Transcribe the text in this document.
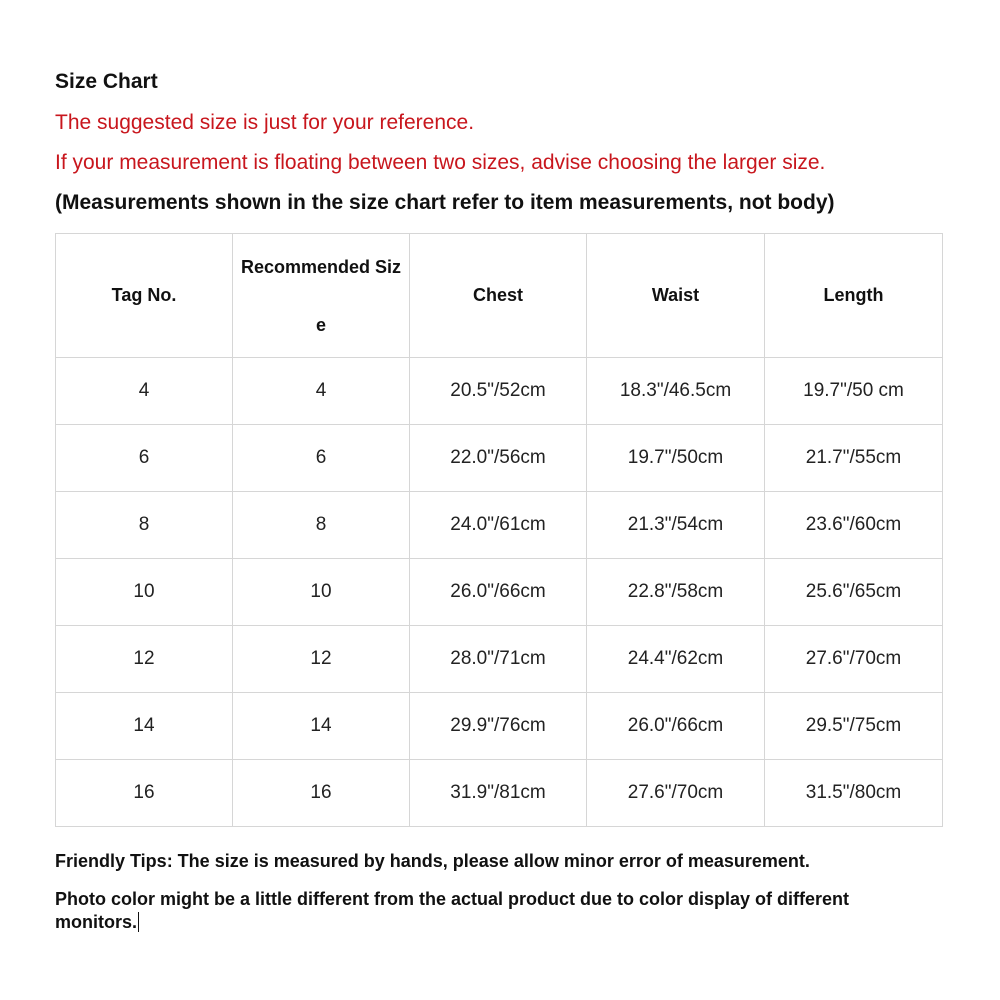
Size Chart
The suggested size is just for your reference.
If your measurement is floating between two sizes, advise choosing the larger size.
(Measurements shown in the size chart refer to item measurements, not body)
Tag No.	Recommended Size	Chest	Waist	Length
4	4	20.5"/52cm	18.3"/46.5cm	19.7"/50 cm
6	6	22.0"/56cm	19.7"/50cm	21.7"/55cm
8	8	24.0"/61cm	21.3"/54cm	23.6"/60cm
10	10	26.0"/66cm	22.8"/58cm	25.6"/65cm
12	12	28.0"/71cm	24.4"/62cm	27.6"/70cm
14	14	29.9"/76cm	26.0"/66cm	29.5"/75cm
16	16	31.9"/81cm	27.6"/70cm	31.5"/80cm
Friendly Tips: The size is measured by hands, please allow minor error of measurement.
Photo color might be a little different from the actual product due to color display of different monitors.
